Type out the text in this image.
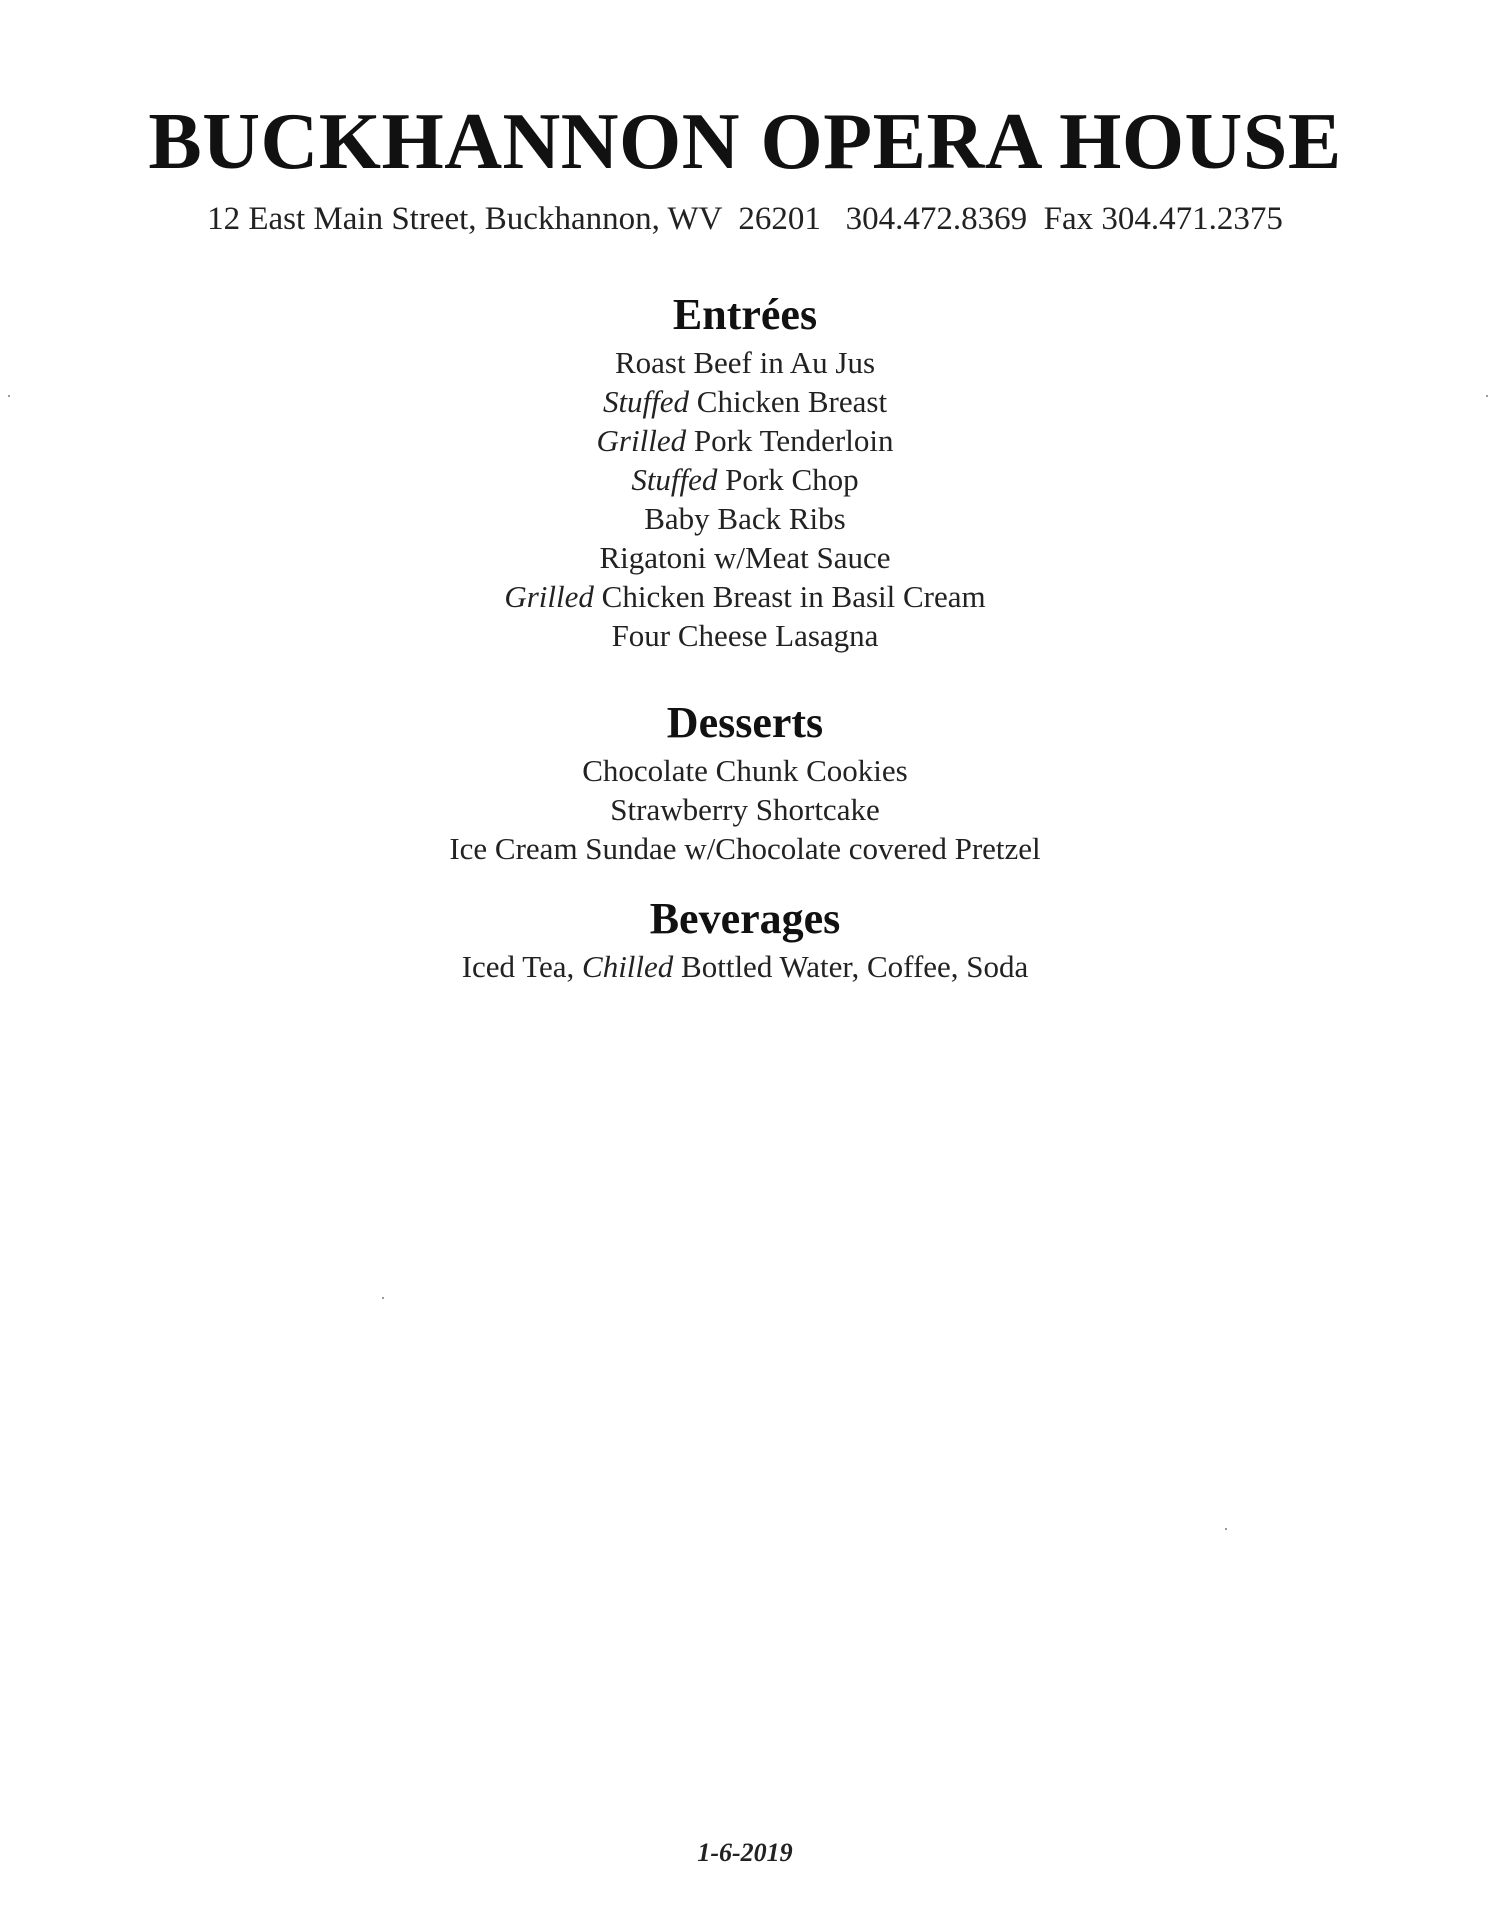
BUCKHANNON OPERA HOUSE
12 East Main Street, Buckhannon, WV  26201   304.472.8369  Fax 304.471.2375
Entrées
Roast Beef in Au Jus
Stuffed Chicken Breast
Grilled Pork Tenderloin
Stuffed Pork Chop
Baby Back Ribs
Rigatoni w/Meat Sauce
Grilled Chicken Breast in Basil Cream
Four Cheese Lasagna
Desserts
Chocolate Chunk Cookies
Strawberry Shortcake
Ice Cream Sundae w/Chocolate covered Pretzel
Beverages
Iced Tea, Chilled Bottled Water, Coffee, Soda
1-6-2019
